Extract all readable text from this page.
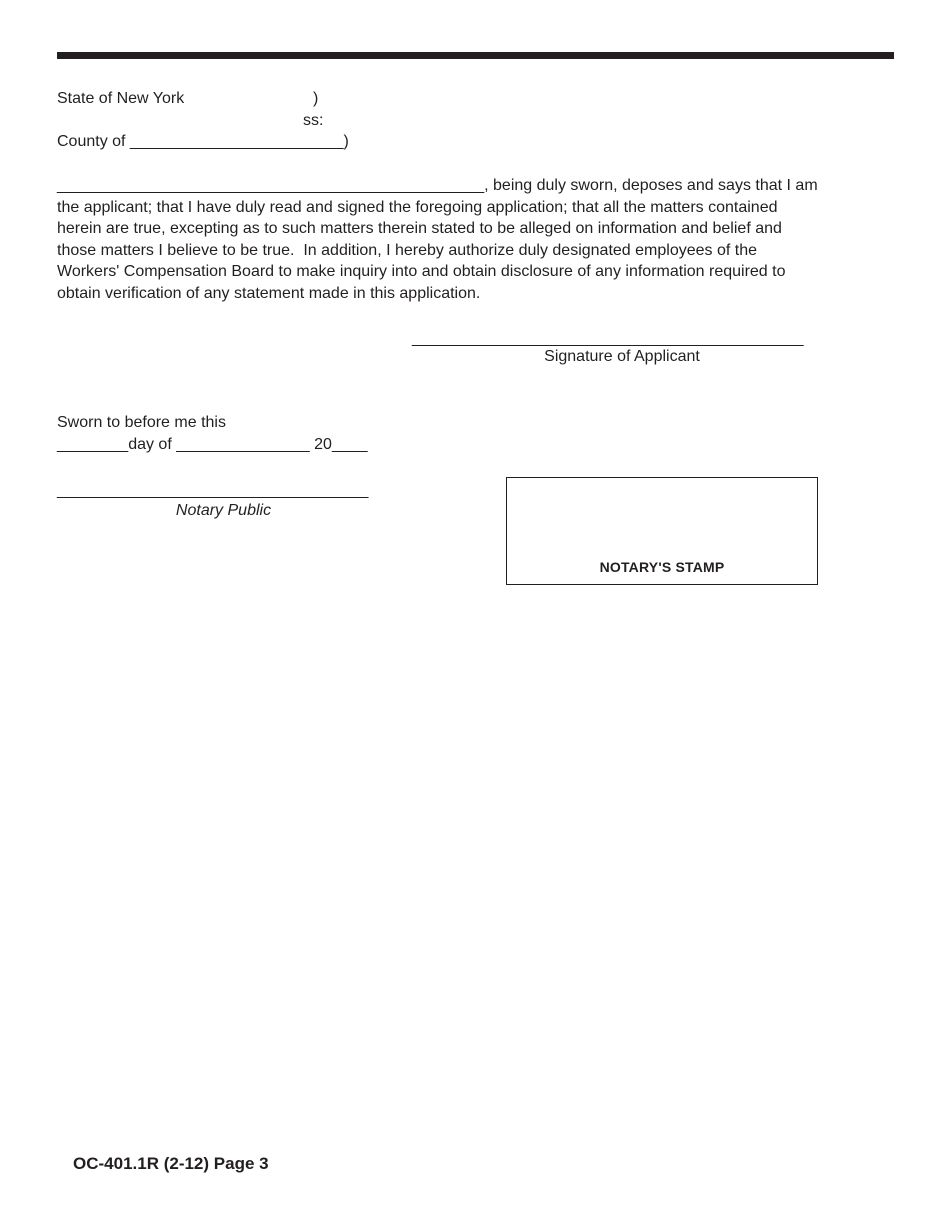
State of New York	)
ss:
County of ________________________)
________________________________________________, being duly sworn, deposes and says that I am
the applicant; that I have duly read and signed the foregoing application; that all the matters contained
herein are true, excepting as to such matters therein stated to be alleged on information and belief and
those matters I believe to be true.  In addition, I hereby authorize duly designated employees of the
Workers' Compensation Board to make inquiry into and obtain disclosure of any information required to
obtain verification of any statement made in this application.
____________________________________________
Signature of Applicant
Sworn to before me this
________day of _______________ 20____
___________________________________
Notary Public
NOTARY'S STAMP
OC-401.1R (2-12) Page 3
